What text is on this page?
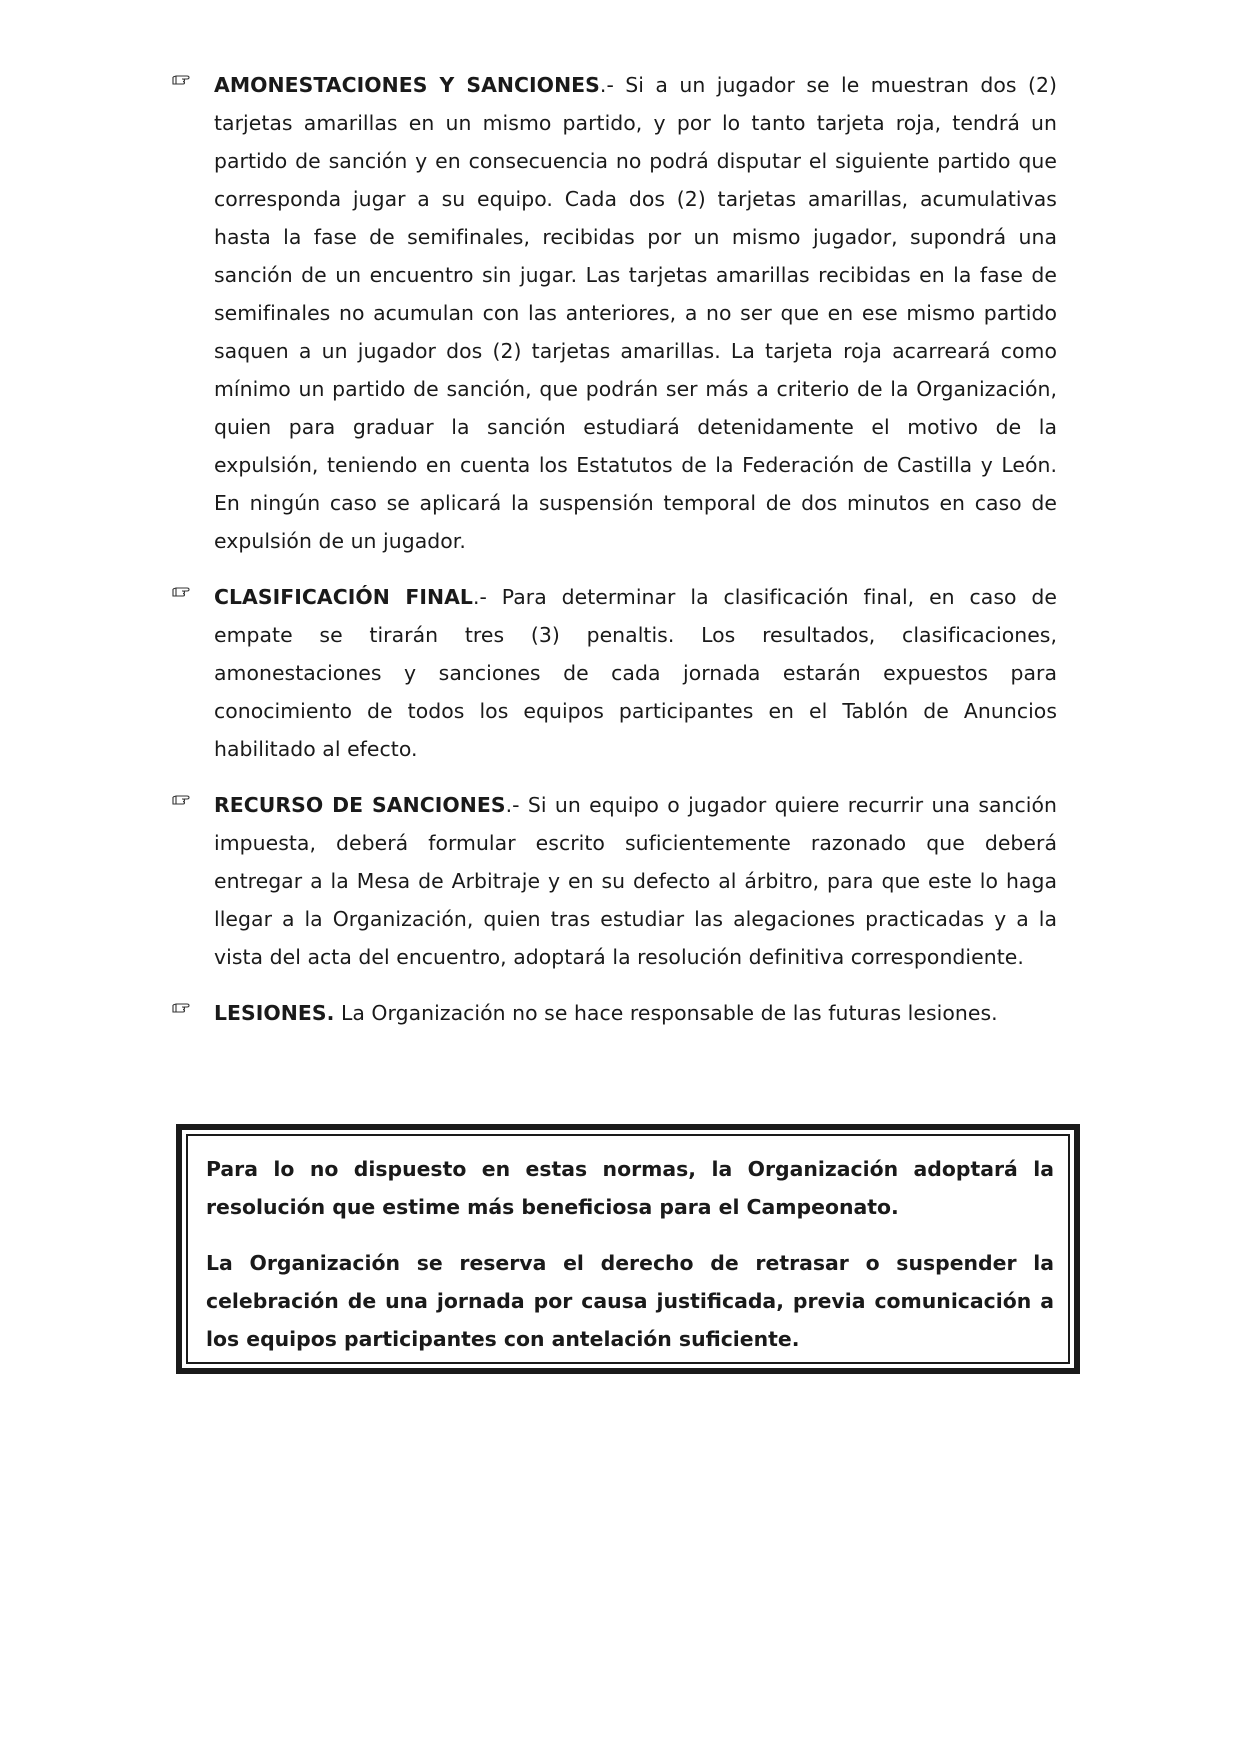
AMONESTACIONES Y SANCIONES.- Si a un jugador se le muestran dos (2) tarjetas amarillas en un mismo partido, y por lo tanto tarjeta roja, tendrá un partido de sanción y en consecuencia no podrá disputar el siguiente partido que corresponda jugar a su equipo. Cada dos (2) tarjetas amarillas, acumulativas hasta la fase de semifinales, recibidas por un mismo jugador, supondrá una sanción de un encuentro sin jugar. Las tarjetas amarillas recibidas en la fase de semifinales no acumulan con las anteriores, a no ser que en ese mismo partido saquen a un jugador dos (2) tarjetas amarillas. La tarjeta roja acarreará como mínimo un partido de sanción, que podrán ser más a criterio de la Organización, quien para graduar la sanción estudiará detenidamente el motivo de la expulsión, teniendo en cuenta los Estatutos de la Federación de Castilla y León. En ningún caso se aplicará la suspensión temporal de dos minutos en caso de expulsión de un jugador.

CLASIFICACIÓN FINAL.- Para determinar la clasificación final, en caso de empate se tirarán tres (3) penaltis. Los resultados, clasificaciones, amonestaciones y sanciones de cada jornada estarán expuestos para conocimiento de todos los equipos participantes en el Tablón de Anuncios habilitado al efecto.

RECURSO DE SANCIONES.- Si un equipo o jugador quiere recurrir una sanción impuesta, deberá formular escrito suficientemente razonado que deberá entregar a la Mesa de Arbitraje y en su defecto al árbitro, para que este lo haga llegar a la Organización, quien tras estudiar las alegaciones practicadas y a la vista del acta del encuentro, adoptará la resolución definitiva correspondiente.

LESIONES. La Organización no se hace responsable de las futuras lesiones.

Para lo no dispuesto en estas normas, la Organización adoptará la resolución que estime más beneficiosa para el Campeonato.

La Organización se reserva el derecho de retrasar o suspender la celebración de una jornada por causa justificada, previa comunicación a los equipos participantes con antelación suficiente.
